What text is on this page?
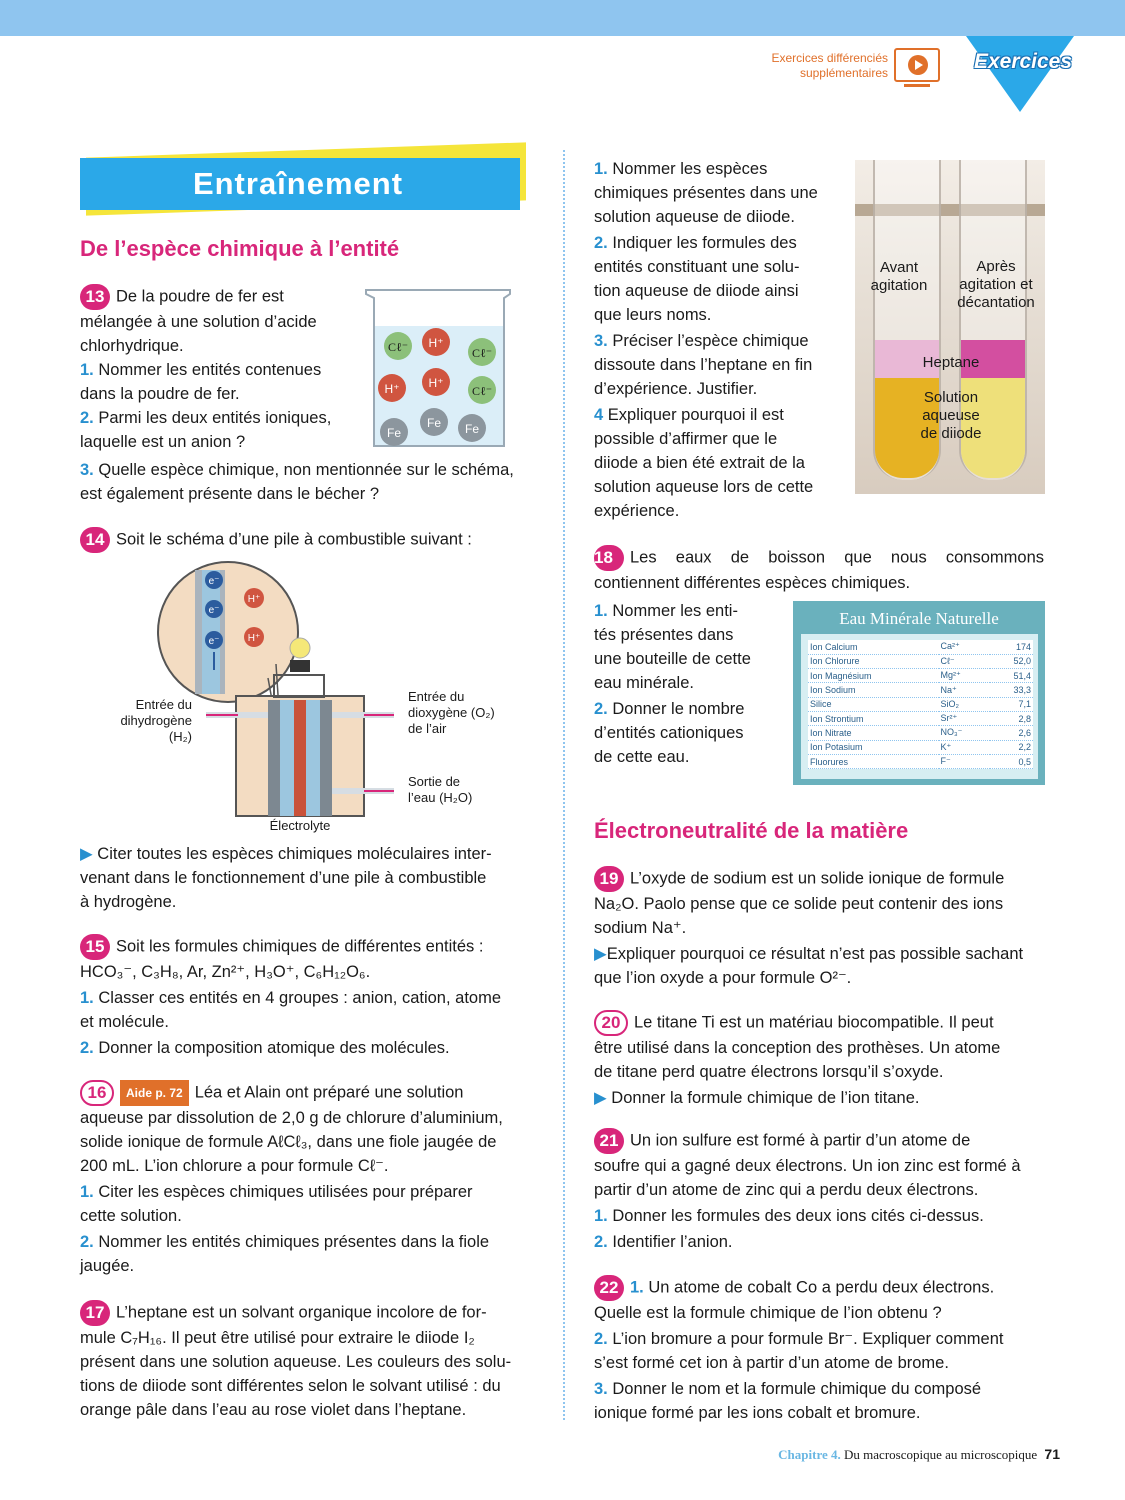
Exercices différenciés
supplémentaires	Exercices
Entraînement
De l’espèce chimique à l’entité
13 De la poudre de fer est
mélangée à une solution d’acide
chlorhydrique.
1. Nommer les entités contenues
dans la poudre de fer.
2. Parmi les deux entités ioniques,
laquelle est un anion ?
3. Quelle espèce chimique, non mentionnée sur le schéma,
est également présente dans le bécher ?
Cℓ⁻ H⁺
Cℓ⁻
H⁺
H⁺	Cℓ⁻
Fe
Fe Fe
14 Soit le schéma d’une pile à combustible suivant :
e⁻
e⁻
e⁻
H⁺
H⁺
Entrée du
dihydrogène
(H₂)
Entrée du
dioxygène (O₂)
de l’air
Sortie de
l’eau (H₂O)
Électrolyte
▶ Citer toutes les espèces chimiques moléculaires inter-
venant dans le fonctionnement d’une pile à combustible
à hydrogène.
15 Soit les formules chimiques de différentes entités :
HCO₃⁻, C₃H₈, Ar, Zn²⁺, H₃O⁺, C₆H₁₂O₆.
1. Classer ces entités en 4 groupes : anion, cation, atome
et molécule.
2. Donner la composition atomique des molécules.
16 Aide p. 72 Léa et Alain ont préparé une solution
aqueuse par dissolution de 2,0 g de chlorure d’aluminium,
solide ionique de formule AℓCℓ₃, dans une fiole jaugée de
200 mL. L’ion chlorure a pour formule Cℓ⁻.
1. Citer les espèces chimiques utilisées pour préparer
cette solution.
2. Nommer les entités chimiques présentes dans la fiole
jaugée.
17 L’heptane est un solvant organique incolore de for-
mule C₇H₁₆. Il peut être utilisé pour extraire le diiode I₂
présent dans une solution aqueuse. Les couleurs des solu-
tions de diiode sont différentes selon le solvant utilisé : du
orange pâle dans l’eau au rose violet dans l’heptane.
1. Nommer les espèces
chimiques présentes dans une
solution aqueuse de diiode.
2. Indiquer les formules des
entités constituant une solu-
tion aqueuse de diiode ainsi
que leurs noms.
3. Préciser l’espèce chimique
dissoute dans l’heptane en fin
d’expérience. Justifier.
4 Expliquer pourquoi il est
possible d’affirmer que le
diiode a bien été extrait de la
solution aqueuse lors de cette
expérience.
Avant
agitation
Après
agitation et
décantation
Heptane
Solution
aqueuse
de diiode
18 Les eaux de boisson que nous consommons
contiennent différentes espèces chimiques.
1. Nommer les enti-
tés présentes dans
une bouteille de cette
eau minérale.
2. Donner le nombre
d’entités cationiques
de cette eau.
Eau Minérale Naturelle
Ion Calcium	Ca²⁺	174
Ion Chlorure	Cℓ⁻	52,0
Ion Magnésium	Mg²⁺	51,4
Ion Sodium	Na⁺	33,3
Silice	SiO₂	7,1
Ion Strontium	Sr²⁺	2,8
Ion Nitrate	NO₃⁻	2,6
Ion Potasium	K⁺	2,2
Fluorures	F⁻	0,5
Électroneutralité de la matière
19 L’oxyde de sodium est un solide ionique de formule
Na₂O. Paolo pense que ce solide peut contenir des ions
sodium Na⁺.
▶Expliquer pourquoi ce résultat n’est pas possible sachant
que l’ion oxyde a pour formule O²⁻.
20 Le titane Ti est un matériau biocompatible. Il peut
être utilisé dans la conception des prothèses. Un atome
de titane perd quatre électrons lorsqu’il s’oxyde.
▶ Donner la formule chimique de l’ion titane.
21 Un ion sulfure est formé à partir d’un atome de
soufre qui a gagné deux électrons. Un ion zinc est formé à
partir d’un atome de zinc qui a perdu deux électrons.
1. Donner les formules des deux ions cités ci-dessus.
2. Identifier l’anion.
22 1. Un atome de cobalt Co a perdu deux électrons.
Quelle est la formule chimique de l’ion obtenu ?
2. L’ion bromure a pour formule Br⁻. Expliquer comment
s’est formé cet ion à partir d’un atome de brome.
3. Donner le nom et la formule chimique du composé
ionique formé par les ions cobalt et bromure.
Chapitre 4. Du macroscopique au microscopique 71
